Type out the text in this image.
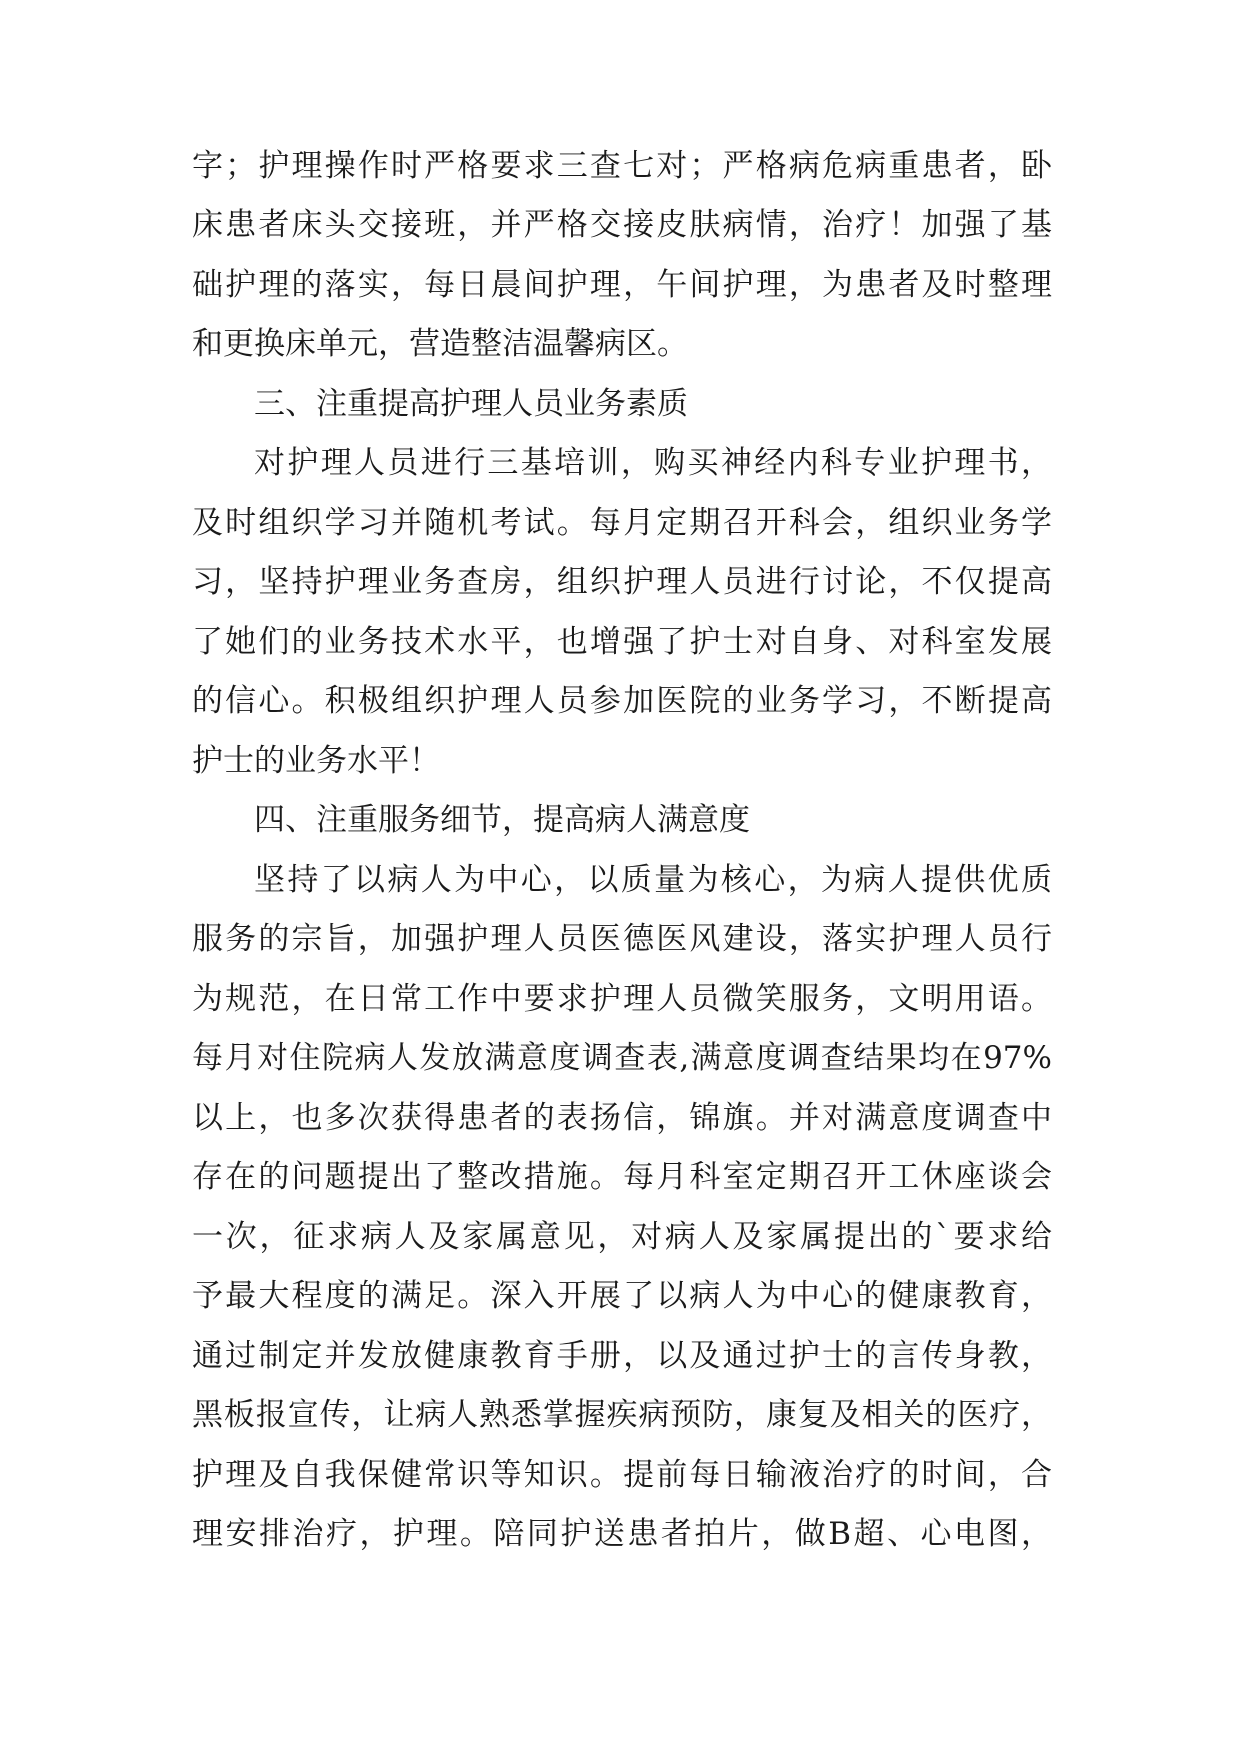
字；护理操作时严格要求三查七对；严格病危病重患者，卧
床患者床头交接班，并严格交接皮肤病情，治疗！加强了基
础护理的落实，每日晨间护理，午间护理，为患者及时整理
和更换床单元，营造整洁温馨病区。
三、注重提高护理人员业务素质
对护理人员进行三基培训，购买神经内科专业护理书，
及时组织学习并随机考试。每月定期召开科会，组织业务学
习，坚持护理业务查房，组织护理人员进行讨论，不仅提高
了她们的业务技术水平，也增强了护士对自身、对科室发展
的信心。积极组织护理人员参加医院的业务学习，不断提高
护士的业务水平！
四、注重服务细节，提高病人满意度
坚持了以病人为中心，以质量为核心，为病人提供优质
服务的宗旨，加强护理人员医德医风建设，落实护理人员行
为规范，在日常工作中要求护理人员微笑服务，文明用语。
每月对住院病人发放满意度调查表,满意度调查结果均在97%
以上，也多次获得患者的表扬信，锦旗。并对满意度调查中
存在的问题提出了整改措施。每月科室定期召开工休座谈会
一次，征求病人及家属意见，对病人及家属提出的`要求给
予最大程度的满足。深入开展了以病人为中心的健康教育，
通过制定并发放健康教育手册，以及通过护士的言传身教，
黑板报宣传，让病人熟悉掌握疾病预防，康复及相关的医疗，
护理及自我保健常识等知识。提前每日输液治疗的时间，合
理安排治疗，护理。陪同护送患者拍片，做B超、心电图，
